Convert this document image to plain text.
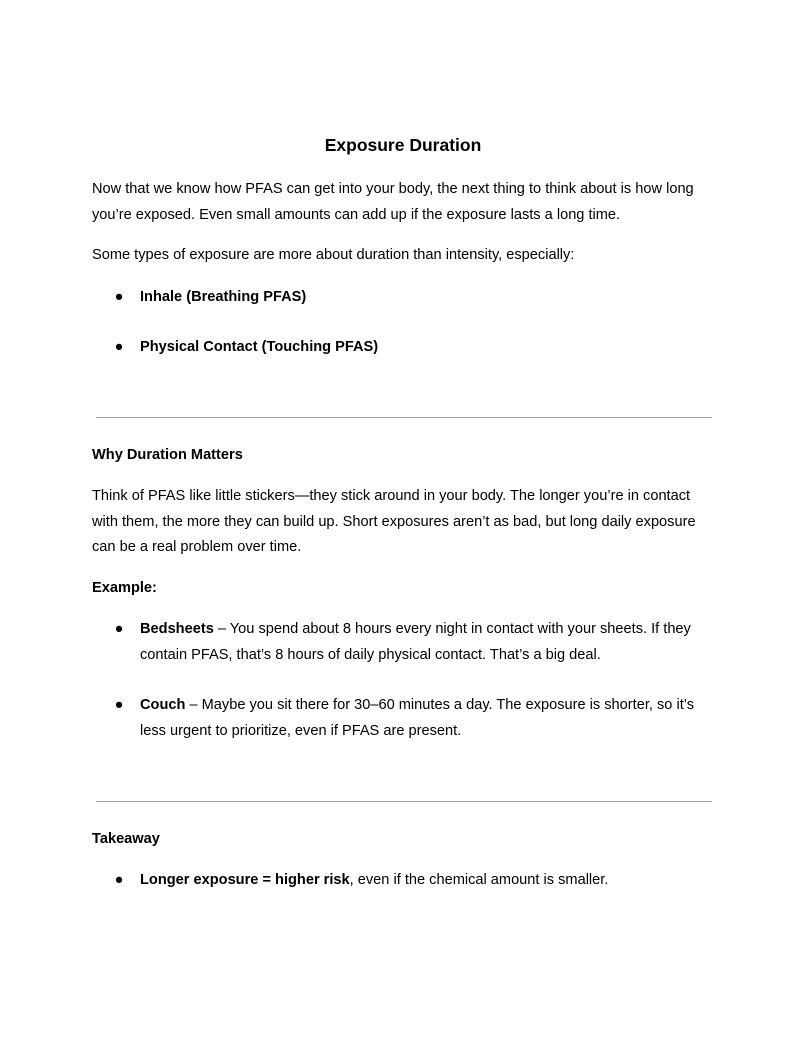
Exposure Duration

Now that we know how PFAS can get into your body, the next thing to think about is how long you’re exposed. Even small amounts can add up if the exposure lasts a long time.

Some types of exposure are more about duration than intensity, especially:

● Inhale (Breathing PFAS)
● Physical Contact (Touching PFAS)
Why Duration Matters

Think of PFAS like little stickers—they stick around in your body. The longer you’re in contact with them, the more they can build up. Short exposures aren’t as bad, but long daily exposure can be a real problem over time.

Example:
● Bedsheets – You spend about 8 hours every night in contact with your sheets. If they contain PFAS, that’s 8 hours of daily physical contact. That’s a big deal.
● Couch – Maybe you sit there for 30–60 minutes a day. The exposure is shorter, so it’s less urgent to prioritize, even if PFAS are present.
Takeaway
● Longer exposure = higher risk, even if the chemical amount is smaller.
